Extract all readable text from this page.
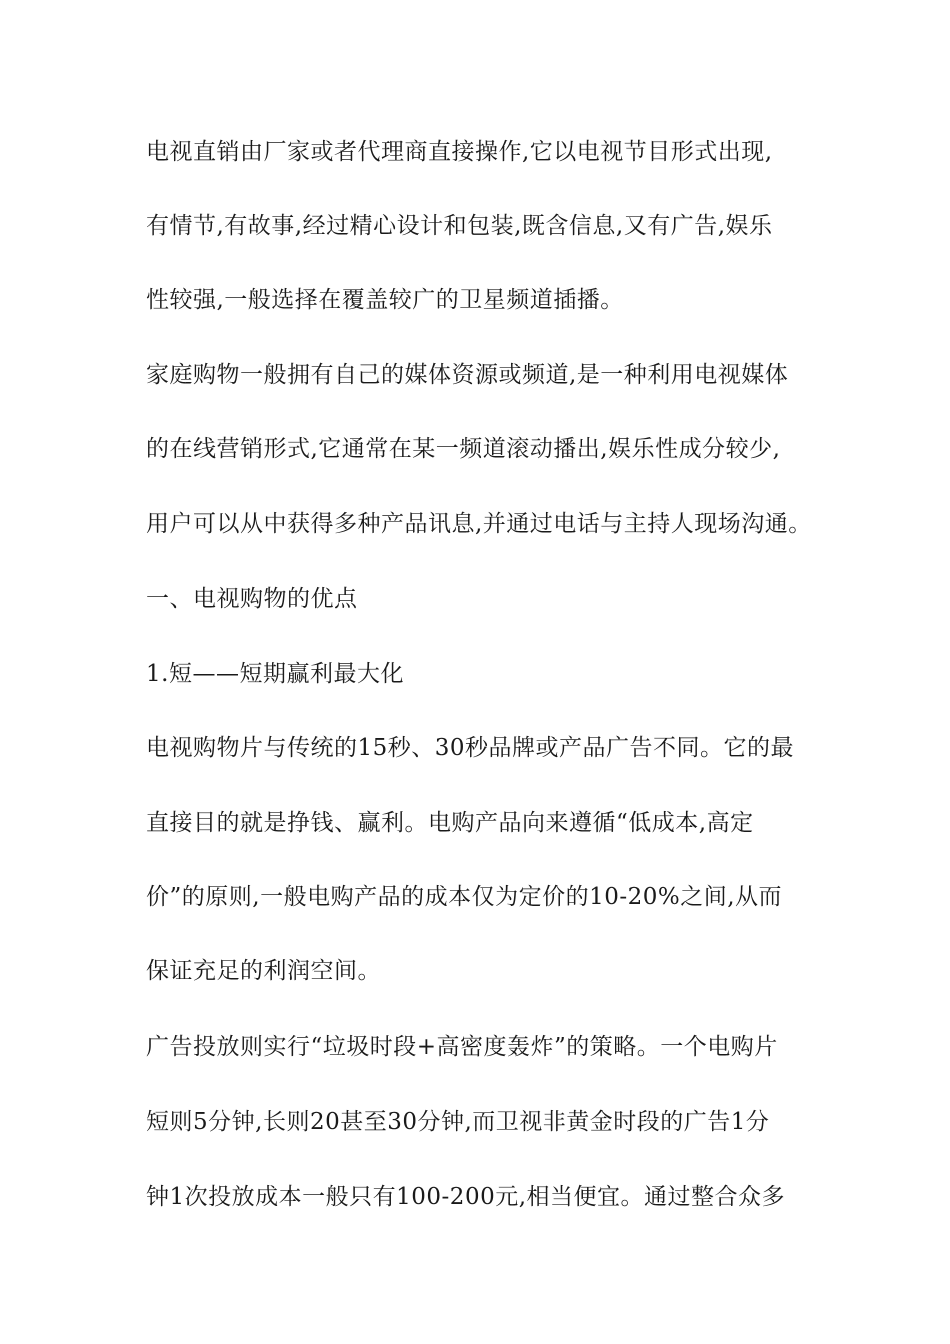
电视直销由厂家或者代理商直接操作,它以电视节目形式出现,

有情节,有故事,经过精心设计和包装,既含信息,又有广告,娱乐

性较强,一般选择在覆盖较广的卫星频道插播。

家庭购物一般拥有自己的媒体资源或频道,是一种利用电视媒体

的在线营销形式,它通常在某一频道滚动播出,娱乐性成分较少,

用户可以从中获得多种产品讯息,并通过电话与主持人现场沟通。

一、电视购物的优点

1.短——短期赢利最大化

电视购物片与传统的15秒、30秒品牌或产品广告不同。它的最

直接目的就是挣钱、赢利。电购产品向来遵循“低成本,高定

价”的原则,一般电购产品的成本仅为定价的10-20%之间,从而

保证充足的利润空间。

广告投放则实行“垃圾时段+高密度轰炸”的策略。一个电购片

短则5分钟,长则20甚至30分钟,而卫视非黄金时段的广告1分

钟1次投放成本一般只有100-200元,相当便宜。通过整合众多
